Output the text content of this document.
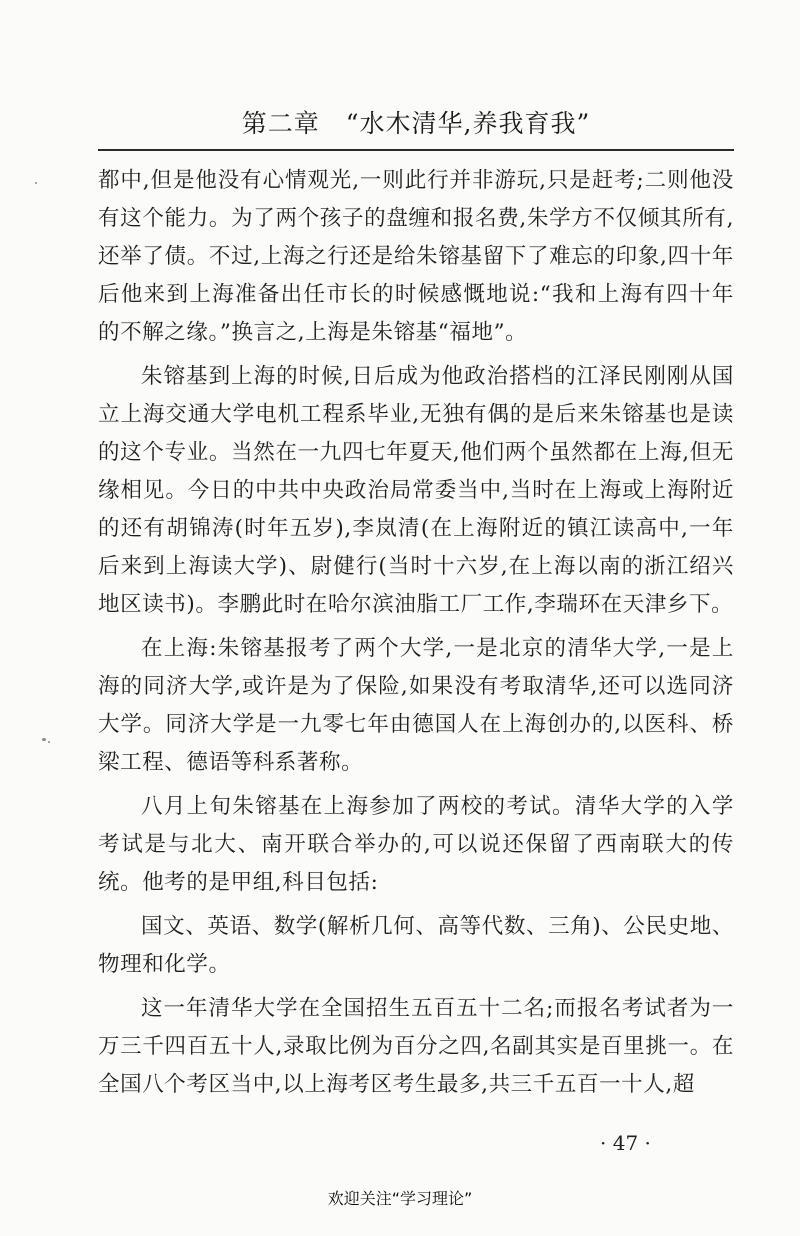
第二章　“水木清华,养我育我”

都中,但是他没有心情观光,一则此行并非游玩,只是赶考;二则他没有这个能力。为了两个孩子的盘缠和报名费,朱学方不仅倾其所有,还举了债。不过,上海之行还是给朱镕基留下了难忘的印象,四十年后他来到上海准备出任市长的时候感慨地说:“我和上海有四十年的不解之缘。”换言之,上海是朱镕基“福地”。

朱镕基到上海的时候,日后成为他政治搭档的江泽民刚刚从国立上海交通大学电机工程系毕业,无独有偶的是后来朱镕基也是读的这个专业。当然在一九四七年夏天,他们两个虽然都在上海,但无缘相见。今日的中共中央政治局常委当中,当时在上海或上海附近的还有胡锦涛(时年五岁),李岚清(在上海附近的镇江读高中,一年后来到上海读大学)、尉健行(当时十六岁,在上海以南的浙江绍兴地区读书)。李鹏此时在哈尔滨油脂工厂工作,李瑞环在天津乡下。

在上海:朱镕基报考了两个大学,一是北京的清华大学,一是上海的同济大学,或许是为了保险,如果没有考取清华,还可以选同济大学。同济大学是一九零七年由德国人在上海创办的,以医科、桥梁工程、德语等科系著称。

八月上旬朱镕基在上海参加了两校的考试。清华大学的入学考试是与北大、南开联合举办的,可以说还保留了西南联大的传统。他考的是甲组,科目包括:

国文、英语、数学(解析几何、高等代数、三角)、公民史地、物理和化学。

这一年清华大学在全国招生五百五十二名;而报名考试者为一万三千四百五十人,录取比例为百分之四,名副其实是百里挑一。在全国八个考区当中,以上海考区考生最多,共三千五百一十人,超

· 47 ·
欢迎关注“学习理论”
